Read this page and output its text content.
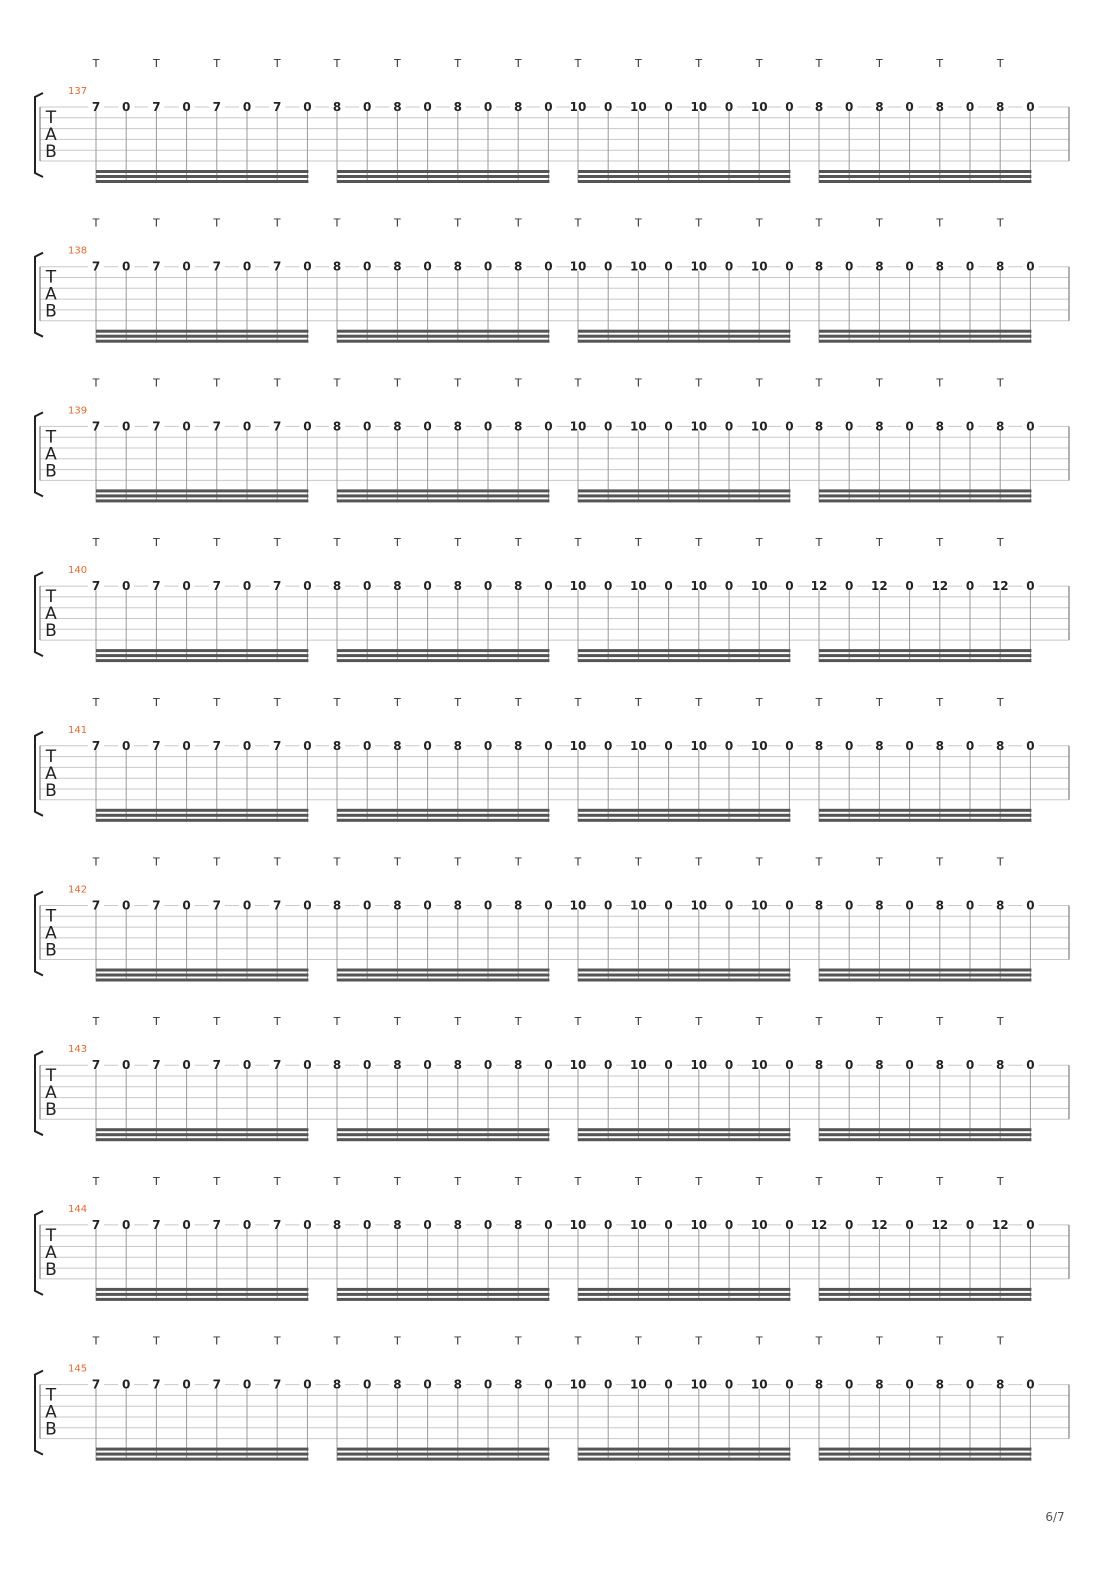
137
T
A
B
7
T
0 7
T
0 7
T
0 7
T
0 8
T
0 8
T
0 8
T
0 8
T
0 10
T
0 10
T
0 10
T
0 10
T
0 8
T
0 8
T
0 8
T
0 8
T
0
138
T
A
B
7
T
0 7
T
0 7
T
0 7
T
0 8
T
0 8
T
0 8
T
0 8
T
0 10
T
0 10
T
0 10
T
0 10
T
0 8
T
0 8
T
0 8
T
0 8
T
0
139
T
A
B
7
T
0 7
T
0 7
T
0 7
T
0 8
T
0 8
T
0 8
T
0 8
T
0 10
T
0 10
T
0 10
T
0 10
T
0 8
T
0 8
T
0 8
T
0 8
T
0
140
T
A
B
7
T
0 7
T
0 7
T
0 7
T
0 8
T
0 8
T
0 8
T
0 8
T
0 10
T
0 10
T
0 10
T
0 10
T
0 12
T
0 12
T
0 12
T
0 12
T
0
141
T
A
B
7
T
0 7
T
0 7
T
0 7
T
0 8
T
0 8
T
0 8
T
0 8
T
0 10
T
0 10
T
0 10
T
0 10
T
0 8
T
0 8
T
0 8
T
0 8
T
0
142
T
A
B
7
T
0 7
T
0 7
T
0 7
T
0 8
T
0 8
T
0 8
T
0 8
T
0 10
T
0 10
T
0 10
T
0 10
T
0 8
T
0 8
T
0 8
T
0 8
T
0
143
T
A
B
7
T
0 7
T
0 7
T
0 7
T
0 8
T
0 8
T
0 8
T
0 8
T
0 10
T
0 10
T
0 10
T
0 10
T
0 8
T
0 8
T
0 8
T
0 8
T
0
144
T
A
B
7
T
0 7
T
0 7
T
0 7
T
0 8
T
0 8
T
0 8
T
0 8
T
0 10
T
0 10
T
0 10
T
0 10
T
0 12
T
0 12
T
0 12
T
0 12
T
0
145
T
A
B
7
T
0 7
T
0 7
T
0 7
T
0 8
T
0 8
T
0 8
T
0 8
T
0 10
T
0 10
T
0 10
T
0 10
T
0 8
T
0 8
T
0 8
T
0 8
T
0
6/7
